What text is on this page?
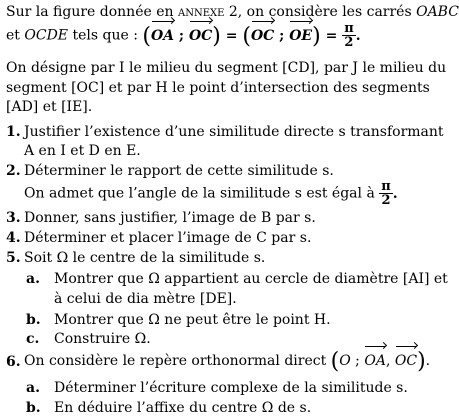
Sur la figure donnée en annexe 2, on considère les carrés OABC
et OCDE tels que : (OA ; OC) = (OC ; $OE) = \frac{\pi}{2}$ .
On désigne par I le milieu du segment [CD], par J le milieu du
segment [OC] et par H le point d’intersection des segments
[AD] et [IE].
1. Justifier l’existence d’une similitude directe s transformant
A en I et D en E.
2. Déterminer le rapport de cette similitude s.
On admet que l’angle de la similitude s est égal à $\frac{\pi}{2}$ .
3. Donner, sans justifier, l’image de B par s.
4. Déterminer et placer l’image de C par s.
5. Soit Ω le centre de la similitude s.
a. Montrer que Ω appartient au cercle de diamètre [AI] et
à celui de dia mètre [DE].
b. Montrer que Ω ne peut être le point H.
c. Construire Ω.
6. On considère le repère orthonormal direct (O ; OA, OC).
a. Déterminer l’écriture complexe de la similitude s.
b. En déduire l’affixe du centre Ω de s.
